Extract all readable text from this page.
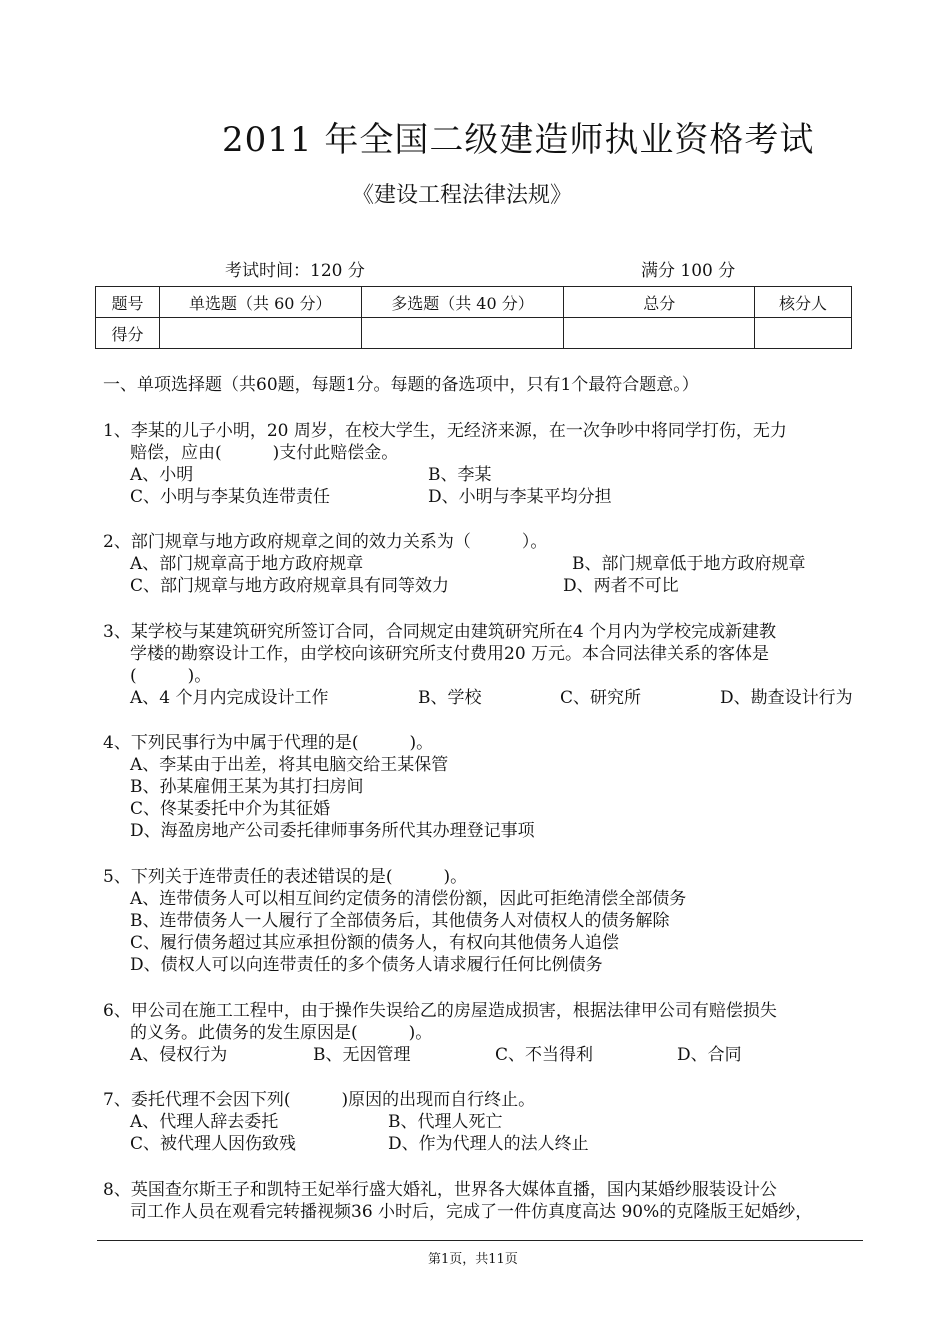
2011 年全国二级建造师执业资格考试
《建设工程法律法规》
考试时间：120 分	满分 100 分
题号	单选题（共 60 分）	多选题（共 40 分）	总分	核分人
得分				
一、单项选择题（共60题，每题1分。每题的备选项中，只有1个最符合题意。）
1、李某的儿子小明，20 周岁，在校大学生，无经济来源，在一次争吵中将同学打伤，无力
赔偿，应由(　　　)支付此赔偿金。
A、小明	B、李某
C、小明与李某负连带责任	D、小明与李某平均分担
2、部门规章与地方政府规章之间的效力关系为（　　　）。
A、部门规章高于地方政府规章	B、部门规章低于地方政府规章
C、部门规章与地方政府规章具有同等效力	D、两者不可比
3、某学校与某建筑研究所签订合同，合同规定由建筑研究所在4 个月内为学校完成新建教
学楼的勘察设计工作，由学校向该研究所支付费用20 万元。本合同法律关系的客体是
(　　　)。
A、4 个月内完成设计工作	B、学校	C、研究所	D、勘查设计行为
4、下列民事行为中属于代理的是(　　　)。
A、李某由于出差，将其电脑交给王某保管
B、孙某雇佣王某为其打扫房间
C、佟某委托中介为其征婚
D、海盈房地产公司委托律师事务所代其办理登记事项
5、下列关于连带责任的表述错误的是(　　　)。
A、连带债务人可以相互间约定债务的清偿份额，因此可拒绝清偿全部债务
B、连带债务人一人履行了全部债务后，其他债务人对债权人的债务解除
C、履行债务超过其应承担份额的债务人，有权向其他债务人追偿
D、债权人可以向连带责任的多个债务人请求履行任何比例债务
6、甲公司在施工工程中，由于操作失误给乙的房屋造成损害，根据法律甲公司有赔偿损失
的义务。此债务的发生原因是(　　　)。
A、侵权行为	B、无因管理	C、不当得利	D、合同
7、委托代理不会因下列(　　　)原因的出现而自行终止。
A、代理人辞去委托	B、代理人死亡
C、被代理人因伤致残	D、作为代理人的法人终止
8、英国查尔斯王子和凯特王妃举行盛大婚礼，世界各大媒体直播，国内某婚纱服装设计公
司工作人员在观看完转播视频36 小时后，完成了一件仿真度高达 90%的克隆版王妃婚纱，
第1页，共11页
